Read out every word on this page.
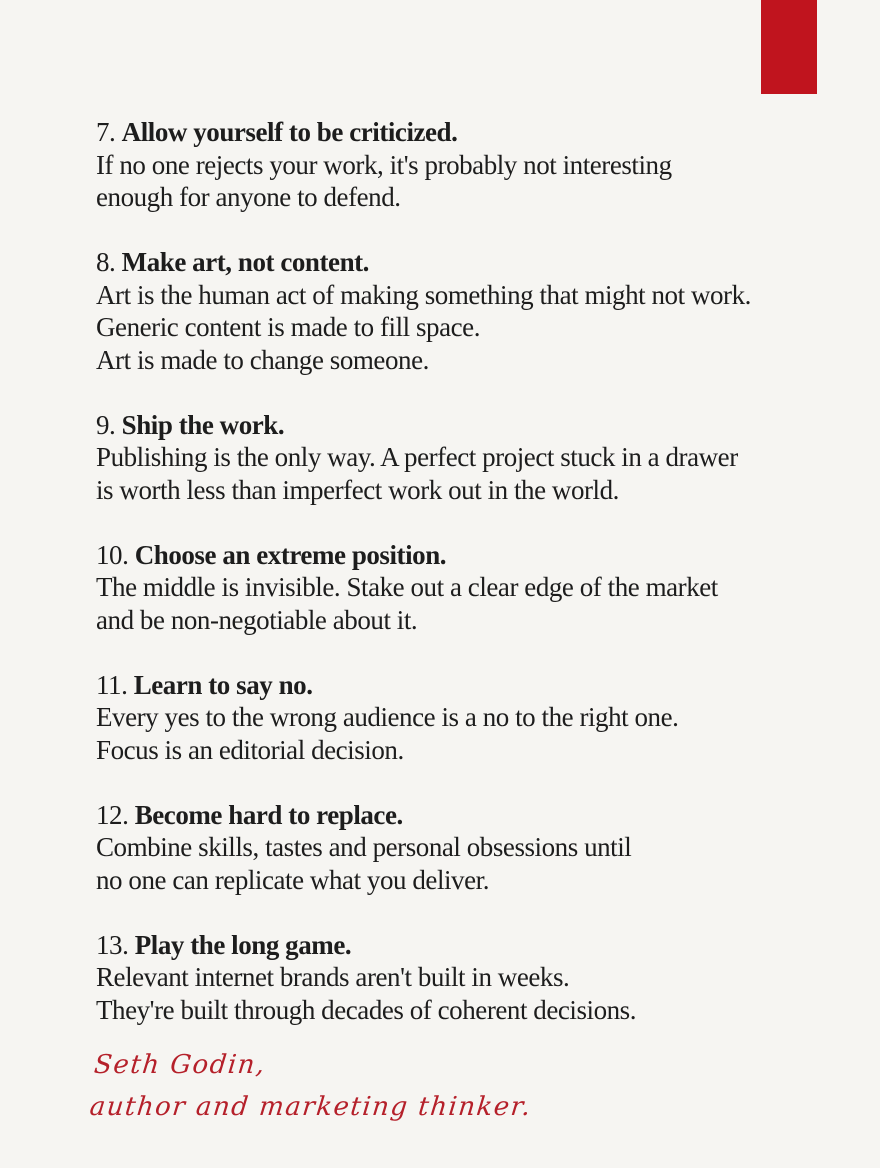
7. Allow yourself to be criticized.
If no one rejects your work, it's probably not interesting
enough for anyone to defend.
8. Make art, not content.
Art is the human act of making something that might not work.
Generic content is made to fill space.
Art is made to change someone.
9. Ship the work.
Publishing is the only way. A perfect project stuck in a drawer
is worth less than imperfect work out in the world.
10. Choose an extreme position.
The middle is invisible. Stake out a clear edge of the market
and be non-negotiable about it.
11. Learn to say no.
Every yes to the wrong audience is a no to the right one.
Focus is an editorial decision.
12. Become hard to replace.
Combine skills, tastes and personal obsessions until
no one can replicate what you deliver.
13. Play the long game.
Relevant internet brands aren't built in weeks.
They're built through decades of coherent decisions.
Seth Godin,
author and marketing thinker.
